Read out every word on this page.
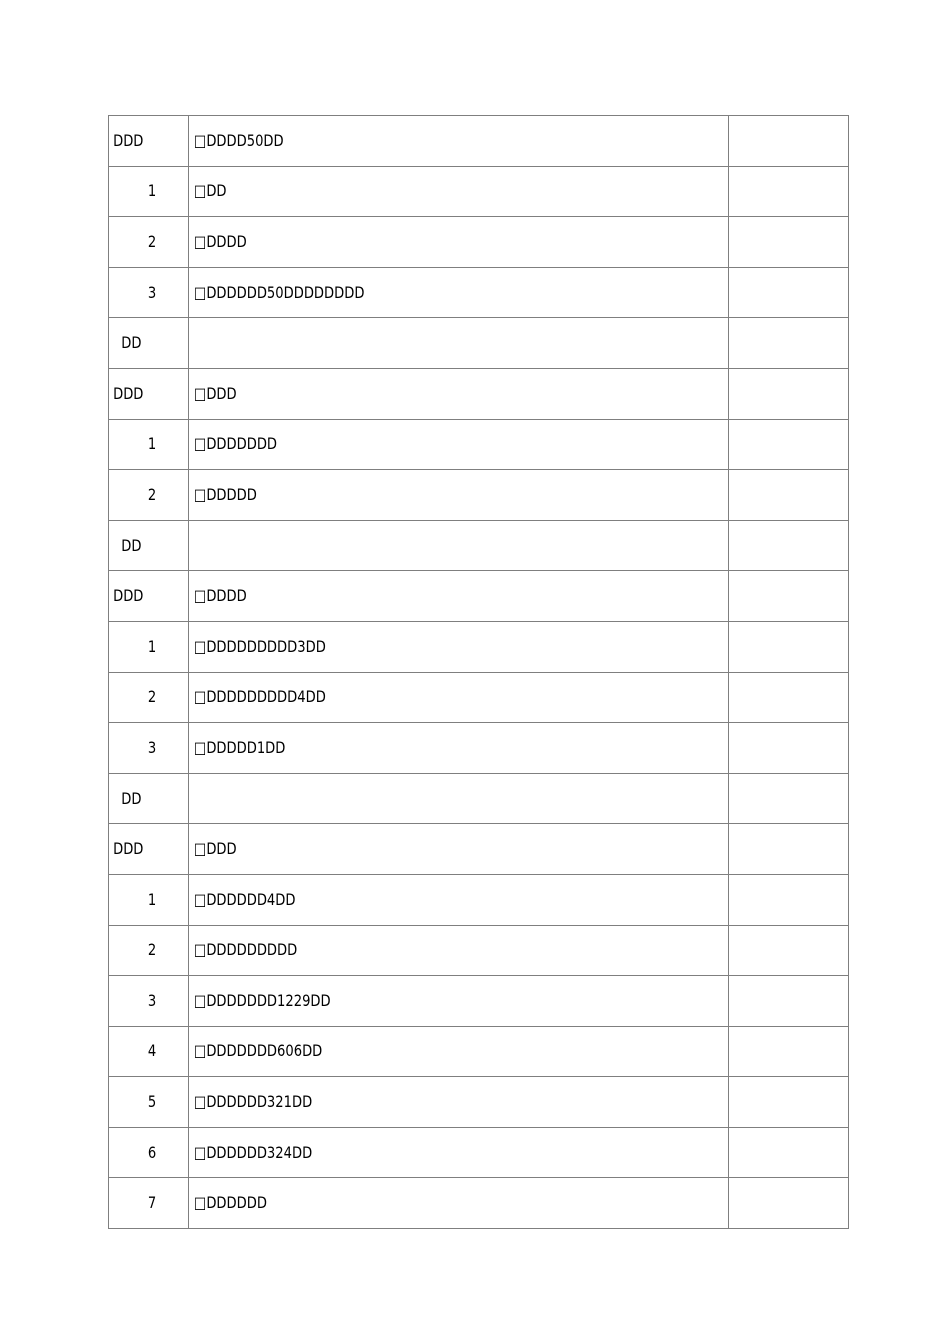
DDD	□DDDD50DD	
1	□DD	
2	□DDDD	
3	□DDDDDD50DDDDDDDD	
DD		
DDD	□DDD	
1	□DDDDDDD	
2	□DDDDD	
DD		
DDD	□DDDD	
1	□DDDDDDDDD3DD	
2	□DDDDDDDDD4DD	
3	□DDDDD1DD	
DD		
DDD	□DDD	
1	□DDDDDD4DD	
2	□DDDDDDDDD	
3	□DDDDDDD1229DD	
4	□DDDDDDD606DD	
5	□DDDDDD321DD	
6	□DDDDDD324DD	
7	□DDDDDD	
